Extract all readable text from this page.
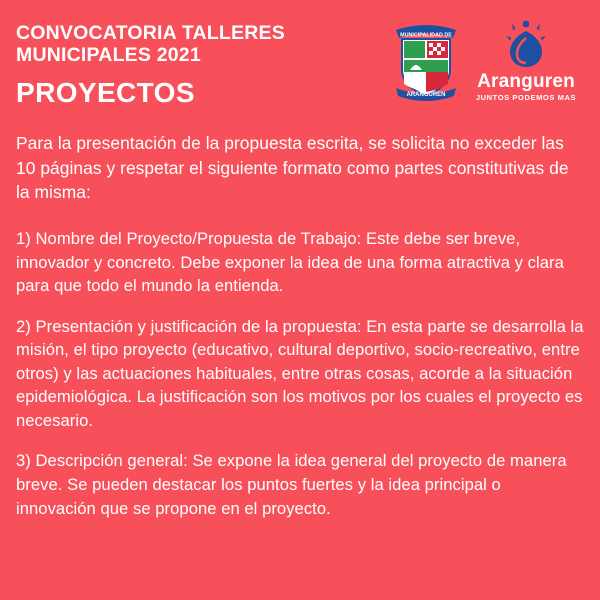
CONVOCATORIA TALLERES MUNICIPALES 2021
PROYECTOS
MUNICIPALIDAD DE
ARANGUREN
Aranguren
JUNTOS PODEMOS MAS

Para la presentación de la propuesta escrita, se solicita no exceder las 10 páginas y respetar el siguiente formato como partes constitutivas de la misma:

1) Nombre del Proyecto/Propuesta de Trabajo: Este debe ser breve, innovador y concreto. Debe exponer la idea de una forma atractiva y clara para que todo el mundo la entienda.

2) Presentación y justificación de la propuesta: En esta parte se desarrolla la misión, el tipo proyecto (educativo, cultural deportivo, socio-recreativo, entre otros) y las actuaciones habituales, entre otras cosas, acorde a la situación epidemiológica. La justificación son los motivos por los cuales el proyecto es necesario.

3) Descripción general: Se expone la idea general del proyecto de manera breve. Se pueden destacar los puntos fuertes y la idea principal o innovación que se propone en el proyecto.
